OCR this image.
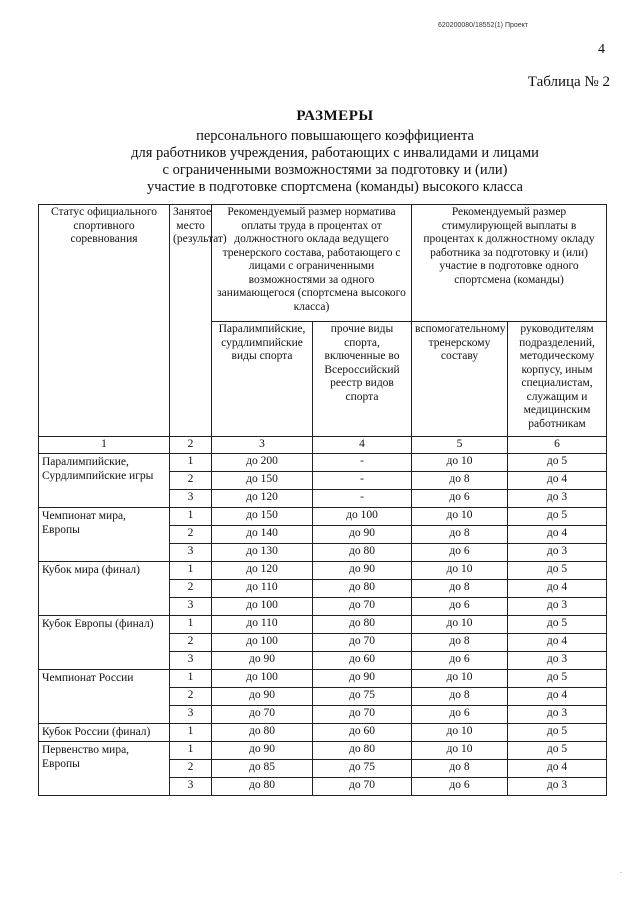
620200080/18552(1) Проект
4
Таблица № 2
РАЗМЕРЫ
персонального повышающего коэффициента
для работников учреждения, работающих с инвалидами и лицами
с ограниченными возможностями за подготовку и (или)
участие в подготовке спортсмена (команды) высокого класса
Статус официального спортивного соревнования	Занятое место (результат)	Рекомендуемый размер норматива оплаты труда в процентах от должностного оклада ведущего тренерского состава, работающего с лицами с ограниченными возможностями за одного занимающегося (спортсмена высокого класса)		Рекомендуемый размер стимулирующей выплаты в процентах к должностному окладу работника за подготовку и (или) участие в подготовке одного спортсмена (команды)	
		Паралимпийские, сурдлимпийские виды спорта	прочие виды спорта, включенные во Всероссийский реестр видов спорта	вспомогательному тренерскому составу	руководителям подразделений, методическому корпусу, иным специалистам, служащим и медицинским работникам
1	2	3	4	5	6
Паралимпийские, Сурдлимпийские игры	1	до 200	-	до 10	до 5
	2	до 150	-	до 8	до 4
	3	до 120	-	до 6	до 3
Чемпионат мира, Европы	1	до 150	до 100	до 10	до 5
	2	до 140	до 90	до 8	до 4
	3	до 130	до 80	до 6	до 3
Кубок мира (финал)	1	до 120	до 90	до 10	до 5
	2	до 110	до 80	до 8	до 4
	3	до 100	до 70	до 6	до 3
Кубок Европы (финал)	1	до 110	до 80	до 10	до 5
	2	до 100	до 70	до 8	до 4
	3	до 90	до 60	до 6	до 3
Чемпионат России	1	до 100	до 90	до 10	до 5
	2	до 90	до 75	до 8	до 4
	3	до 70	до 70	до 6	до 3
Кубок России (финал)	1	до 80	до 60	до 10	до 5
Первенство мира, Европы	1	до 90	до 80	до 10	до 5
	2	до 85	до 75	до 8	до 4
	3	до 80	до 70	до 6	до 3
.
